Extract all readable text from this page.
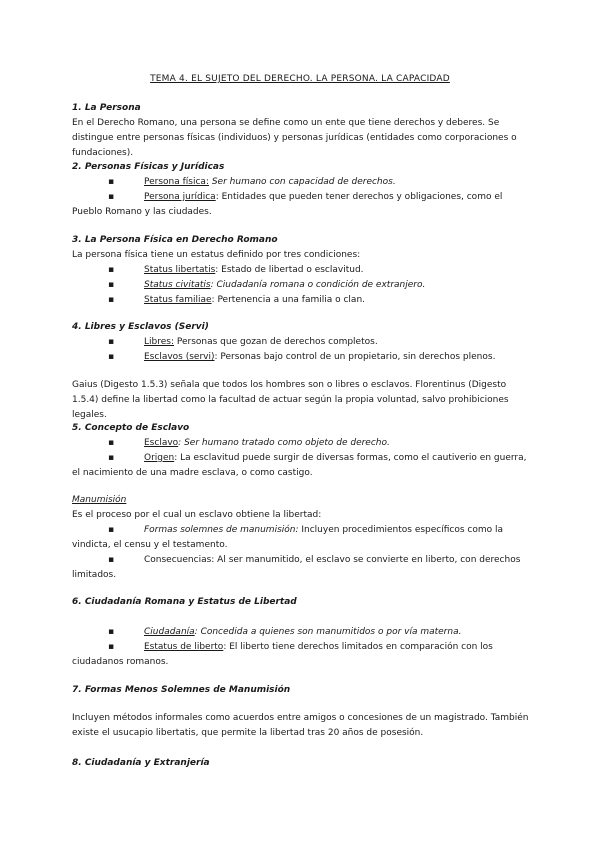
TEMA 4. EL SUJETO DEL DERECHO. LA PERSONA. LA CAPACIDAD
1. La Persona
En el Derecho Romano, una persona se define como un ente que tiene derechos y deberes. Se distingue entre personas físicas (individuos) y personas jurídicas (entidades como corporaciones o fundaciones).
2. Personas Físicas y Jurídicas
▪	Persona física: Ser humano con capacidad de derechos.
▪	Persona jurídica: Entidades que pueden tener derechos y obligaciones, como el Pueblo Romano y las ciudades.
3. La Persona Física en Derecho Romano
La persona física tiene un estatus definido por tres condiciones:
▪	Status libertatis: Estado de libertad o esclavitud.
▪	Status civitatis: Ciudadanía romana o condición de extranjero.
▪	Status familiae: Pertenencia a una familia o clan.
4. Libres y Esclavos (Servi)
▪	Libres: Personas que gozan de derechos completos.
▪	Esclavos (servi): Personas bajo control de un propietario, sin derechos plenos.
Gaius (Digesto 1.5.3) señala que todos los hombres son o libres o esclavos. Florentinus (Digesto 1.5.4) define la libertad como la facultad de actuar según la propia voluntad, salvo prohibiciones legales.
5. Concepto de Esclavo
▪	Esclavo: Ser humano tratado como objeto de derecho.
▪	Origen: La esclavitud puede surgir de diversas formas, como el cautiverio en guerra, el nacimiento de una madre esclava, o como castigo.
Manumisión
Es el proceso por el cual un esclavo obtiene la libertad:
▪	Formas solemnes de manumisión: Incluyen procedimientos específicos como la vindicta, el censu y el testamento.
▪	Consecuencias: Al ser manumitido, el esclavo se convierte en liberto, con derechos limitados.
6. Ciudadanía Romana y Estatus de Libertad
▪	Ciudadanía: Concedida a quienes son manumitidos o por vía materna.
▪	Estatus de liberto: El liberto tiene derechos limitados en comparación con los ciudadanos romanos.
7. Formas Menos Solemnes de Manumisión
Incluyen métodos informales como acuerdos entre amigos o concesiones de un magistrado. También existe el usucapio libertatis, que permite la libertad tras 20 años de posesión.
8. Ciudadanía y Extranjería
